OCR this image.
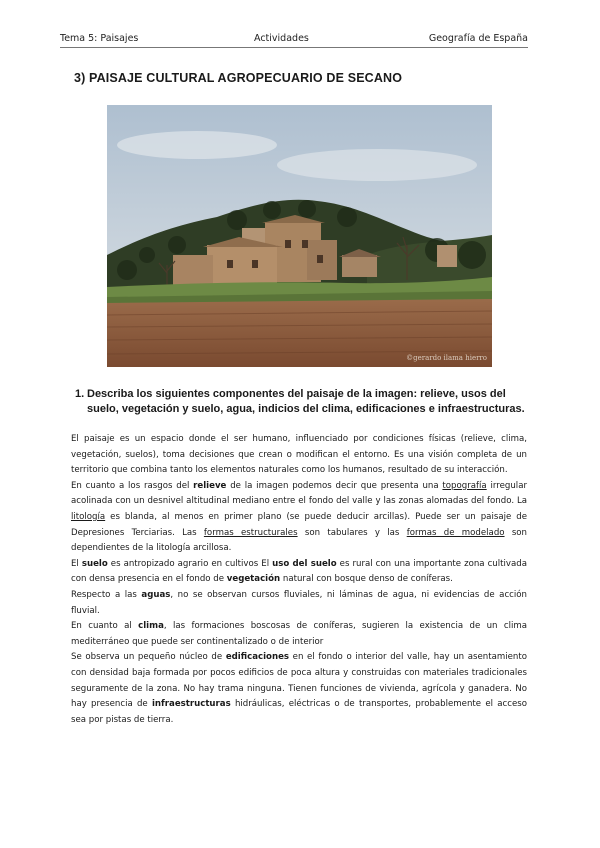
Tema 5: Paisajes	Actividades	Geografía de España
3) PAISAJE CULTURAL AGROPECUARIO DE SECANO
©gerardo ilama hierro
1. Describa los siguientes componentes del paisaje de la imagen: relieve, usos del suelo, vegetación y suelo, agua, indicios del clima, edificaciones e infraestructuras.

El paisaje es un espacio donde el ser humano, influenciado por condiciones físicas (relieve, clima, vegetación, suelos), toma decisiones que crean o modifican el entorno. Es una visión completa de un territorio que combina tanto los elementos naturales como los humanos, resultado de su interacción.

En cuanto a los rasgos del relieve de la imagen podemos decir que presenta una topografía irregular acolinada con un desnivel altitudinal mediano entre el fondo del valle y las zonas alomadas del fondo. La litología es blanda, al menos en primer plano (se puede deducir arcillas). Puede ser un paisaje de Depresiones Terciarias. Las formas estructurales son tabulares y las formas de modelado son dependientes de la litología arcillosa.

El suelo es antropizado agrario en cultivos El uso del suelo es rural con una importante zona cultivada con densa presencia en el fondo de vegetación natural con bosque denso de coníferas.

Respecto a las aguas, no se observan cursos fluviales, ni láminas de agua, ni evidencias de acción fluvial.

En cuanto al clima, las formaciones boscosas de coníferas, sugieren la existencia de un clima mediterráneo que puede ser continentalizado o de interior

Se observa un pequeño núcleo de edificaciones en el fondo o interior del valle, hay un asentamiento con densidad baja formada por pocos edificios de poca altura y construidas con materiales tradicionales seguramente de la zona. No hay trama ninguna. Tienen funciones de vivienda, agrícola y ganadera. No hay presencia de infraestructuras hidráulicas, eléctricas o de transportes, probablemente el acceso sea por pistas de tierra.
